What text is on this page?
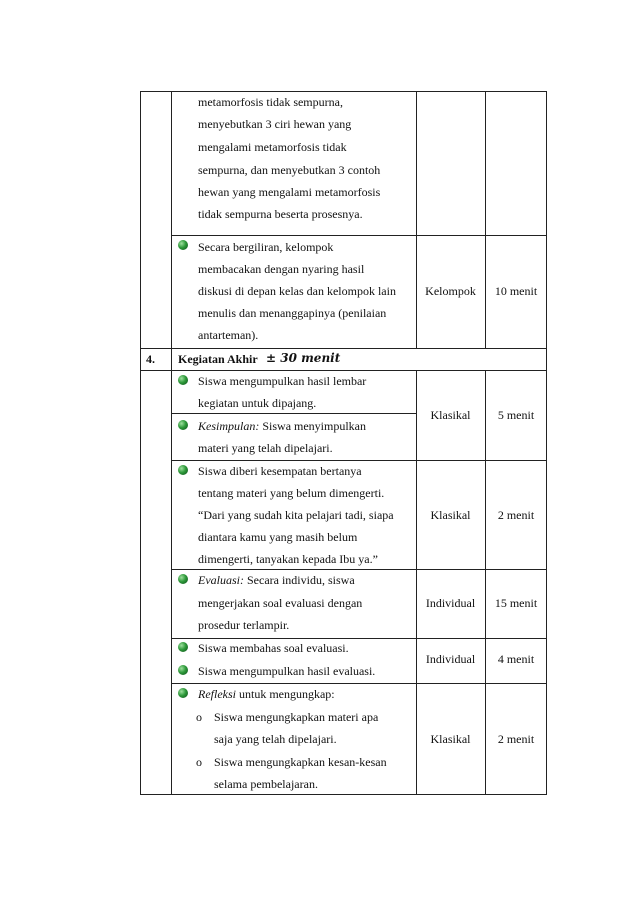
metamorfosis tidak sempurna,
menyebutkan 3 ciri hewan yang
mengalami metamorfosis tidak
sempurna, dan menyebutkan 3 contoh
hewan yang mengalami metamorfosis
tidak sempurna beserta prosesnya.
Secara bergiliran, kelompok
membacakan dengan nyaring hasil
diskusi di depan kelas dan kelompok lain
menulis dan menanggapinya (penilaian
antarteman).
Kelompok	10 menit
4. Kegiatan Akhir ± 30 menit
Siswa mengumpulkan hasil lembar
kegiatan untuk dipajang.
Kesimpulan: Siswa menyimpulkan
materi yang telah dipelajari.
Klasikal	5 menit
Siswa diberi kesempatan bertanya
tentang materi yang belum dimengerti.
“Dari yang sudah kita pelajari tadi, siapa
diantara kamu yang masih belum
dimengerti, tanyakan kepada Ibu ya.”
Klasikal	2 menit
Evaluasi: Secara individu, siswa
mengerjakan soal evaluasi dengan
prosedur terlampir.
Individual	15 menit
Siswa membahas soal evaluasi.
Siswa mengumpulkan hasil evaluasi.
Individual	4 menit
Refleksi untuk mengungkap:
o Siswa mengungkapkan materi apa
saja yang telah dipelajari.
o Siswa mengungkapkan kesan-kesan
selama pembelajaran.
Klasikal	2 menit
